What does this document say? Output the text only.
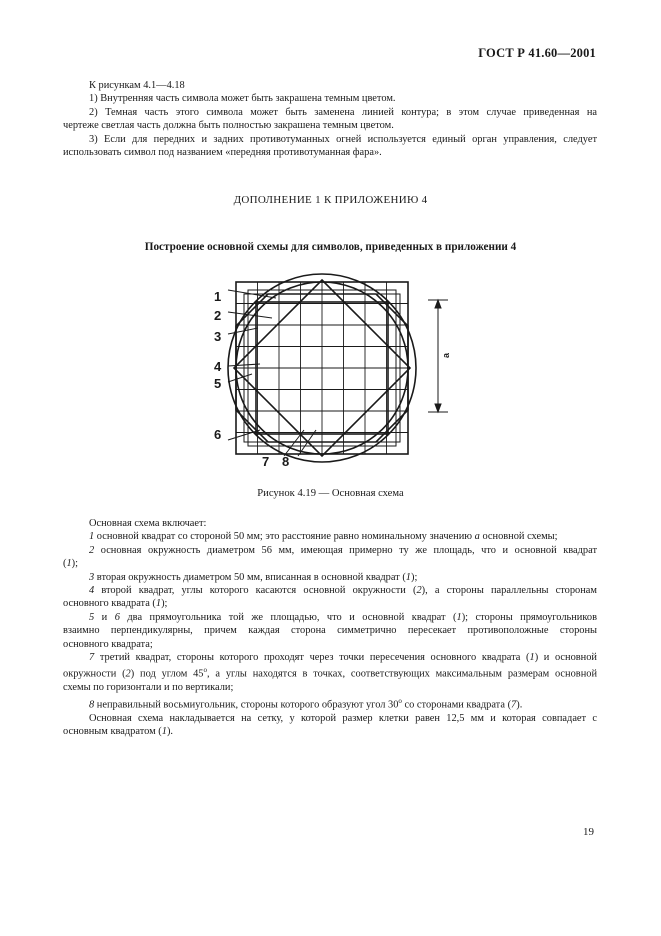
ГОСТ Р 41.60—2001

К рисункам 4.1—4.18

1) Внутренняя часть символа может быть закрашена темным цветом.

2) Темная часть этого символа может быть заменена линией контура; в этом случае приведенная на

чертеже светлая часть должна быть полностью закрашена темным цветом.

3) Если для передних и задних противотуманных огней используется единый орган управления, следует

использовать символ под названием «передняя противотуманная фара».

ДОПОЛНЕНИЕ 1 К ПРИЛОЖЕНИЮ 4
Построение основной схемы для символов, приведенных в приложении 4
1
2
3
4
5
6
7 8
a
Рисунок 4.19 — Основная схема

Основная схема включает:

1 основной квадрат со стороной 50 мм; это расстояние равно номинальному значению a основной схемы;

2 основная окружность диаметром 56 мм, имеющая примерно ту же площадь, что и основной квадрат

(1);

3 вторая окружность диаметром 50 мм, вписанная в основной квадрат (1);

4 второй квадрат, углы которого касаются основной окружности (2), а стороны параллельны сторонам

основного квадрата (1);

5 и 6 два прямоугольника той же площадью, что и основной квадрат (1); стороны прямоугольников

взаимно перпендикулярны, причем каждая сторона симметрично пересекает противоположные стороны

основного квадрата;

7 третий квадрат, стороны которого проходят через точки пересечения основного квадрата (1) и основной

окружности (2) под углом $45^о$, а углы находятся в точках, соответствующих максимальным размерам основной

схемы по горизонтали и по вертикали;

8 неправильный восьмиугольник, стороны которого образуют угол $30^о$ со сторонами квадрата (7).

Основная схема накладывается на сетку, у которой размер клетки равен 12,5 мм и которая совпадает с

основным квадратом (1).

19
